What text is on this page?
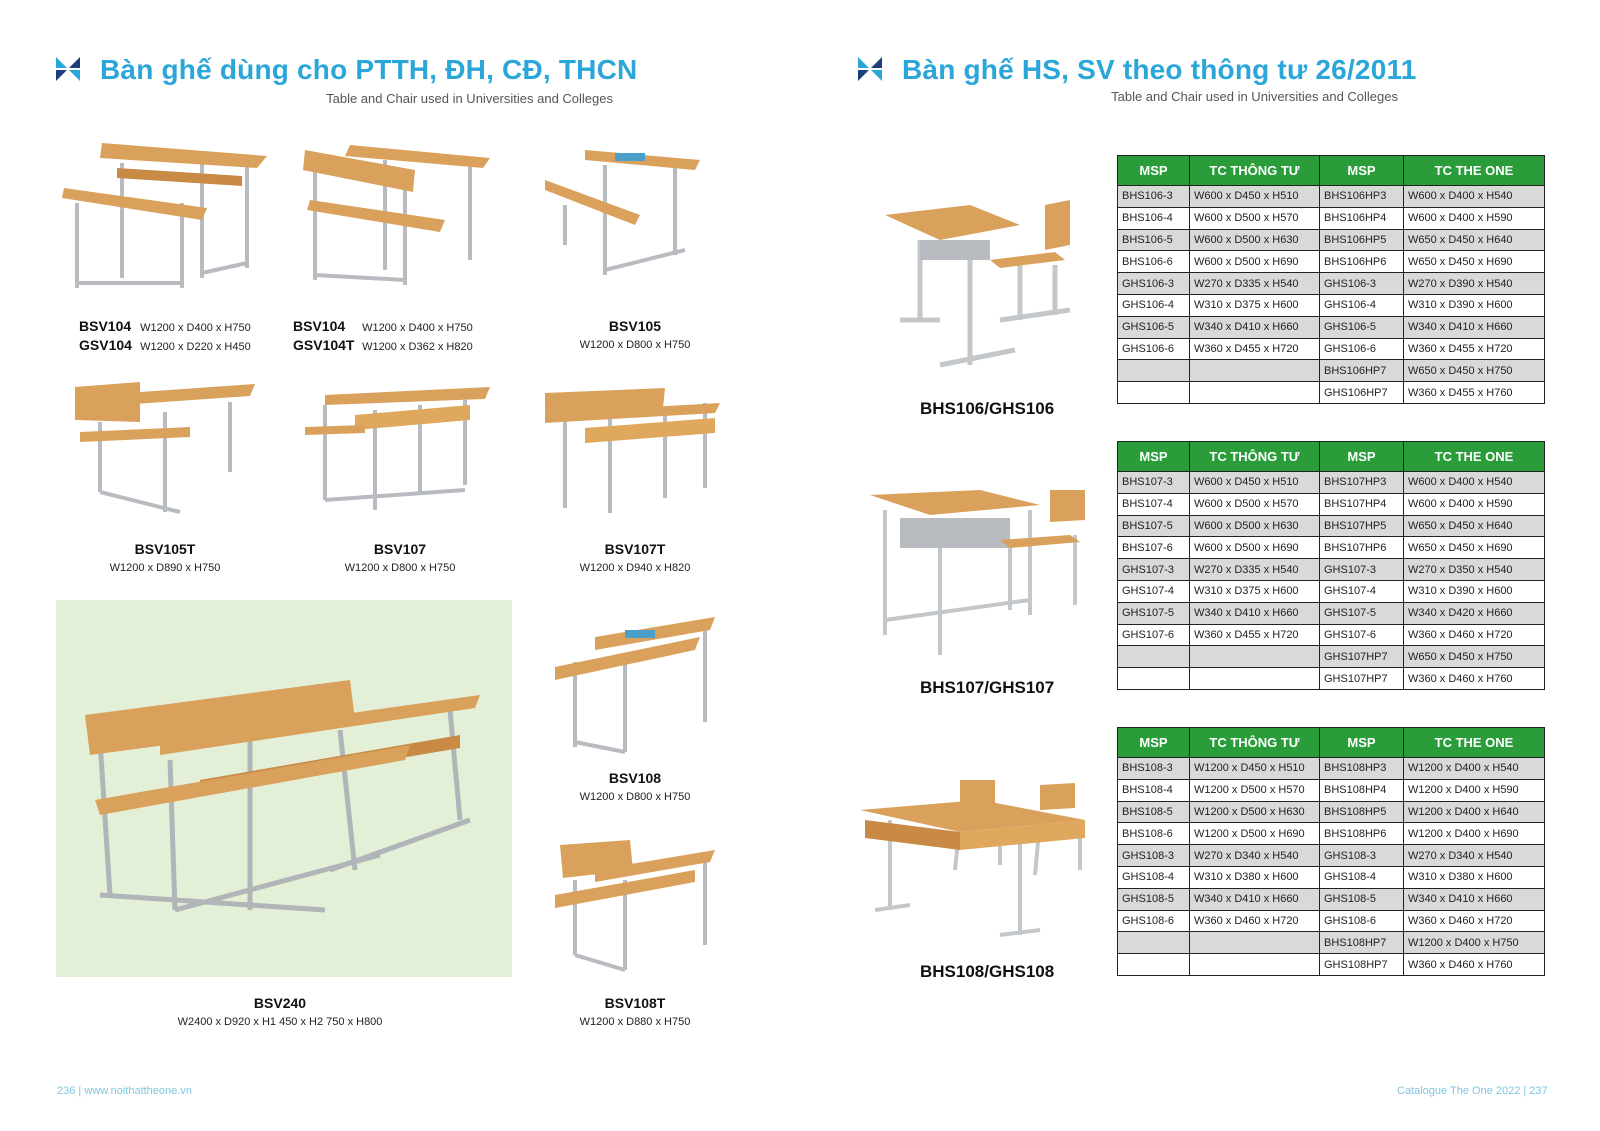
Bàn ghế dùng cho PTTH, ĐH, CĐ, THCN
Table and Chair used in Universities and Colleges
BSV104 W1200 x D400 x H750
GSV104 W1200 x D220 x H450
BSV104 W1200 x D400 x H750
GSV104T W1200 x D362 x H820
BSV105
W1200 x D800 x H750
BSV105T
W1200 x D890 x H750
BSV107
W1200 x D800 x H750
BSV107T
W1200 x D940 x H820
BSV108
W1200 x D800 x H750
BSV240
W2400 x D920 x H1 450 x H2 750 x H800
BSV108T
W1200 x D880 x H750
236 | www.noithattheone.vn
Bàn ghế HS, SV theo thông tư 26/2011
Table and Chair used in Universities and Colleges
BHS106/GHS106
BHS107/GHS107
BHS108/GHS108
MSP	TC THÔNG TƯ	MSP	TC THE ONE
BHS106-3	W600 x D450 x H510	BHS106HP3	W600 x D400 x H540
BHS106-4	W600 x D500 x H570	BHS106HP4	W600 x D400 x H590
BHS106-5	W600 x D500 x H630	BHS106HP5	W650 x D450 x H640
BHS106-6	W600 x D500 x H690	BHS106HP6	W650 x D450 x H690
GHS106-3	W270 x D335 x H540	GHS106-3	W270 x D390 x H540
GHS106-4	W310 x D375 x H600	GHS106-4	W310 x D390 x H600
GHS106-5	W340 x D410 x H660	GHS106-5	W340 x D410 x H660
GHS106-6	W360 x D455 x H720	GHS106-6	W360 x D455 x H720
		BHS106HP7	W650 x D450 x H750
		GHS106HP7	W360 x D455 x H760
MSP	TC THÔNG TƯ	MSP	TC THE ONE
BHS107-3	W600 x D450 x H510	BHS107HP3	W600 x D400 x H540
BHS107-4	W600 x D500 x H570	BHS107HP4	W600 x D400 x H590
BHS107-5	W600 x D500 x H630	BHS107HP5	W650 x D450 x H640
BHS107-6	W600 x D500 x H690	BHS107HP6	W650 x D450 x H690
GHS107-3	W270 x D335 x H540	GHS107-3	W270 x D350 x H540
GHS107-4	W310 x D375 x H600	GHS107-4	W310 x D390 x H600
GHS107-5	W340 x D410 x H660	GHS107-5	W340 x D420 x H660
GHS107-6	W360 x D455 x H720	GHS107-6	W360 x D460 x H720
		GHS107HP7	W650 x D450 x H750
		GHS107HP7	W360 x D460 x H760
MSP	TC THÔNG TƯ	MSP	TC THE ONE
BHS108-3	W1200 x D450 x H510	BHS108HP3	W1200 x D400 x H540
BHS108-4	W1200 x D500 x H570	BHS108HP4	W1200 x D400 x H590
BHS108-5	W1200 x D500 x H630	BHS108HP5	W1200 x D400 x H640
BHS108-6	W1200 x D500 x H690	BHS108HP6	W1200 x D400 x H690
GHS108-3	W270 x D340 x H540	GHS108-3	W270 x D340 x H540
GHS108-4	W310 x D380 x H600	GHS108-4	W310 x D380 x H600
GHS108-5	W340 x D410 x H660	GHS108-5	W340 x D410 x H660
GHS108-6	W360 x D460 x H720	GHS108-6	W360 x D460 x H720
		BHS108HP7	W1200 x D400 x H750
		GHS108HP7	W360 x D460 x H760
Catalogue The One 2022 | 237
